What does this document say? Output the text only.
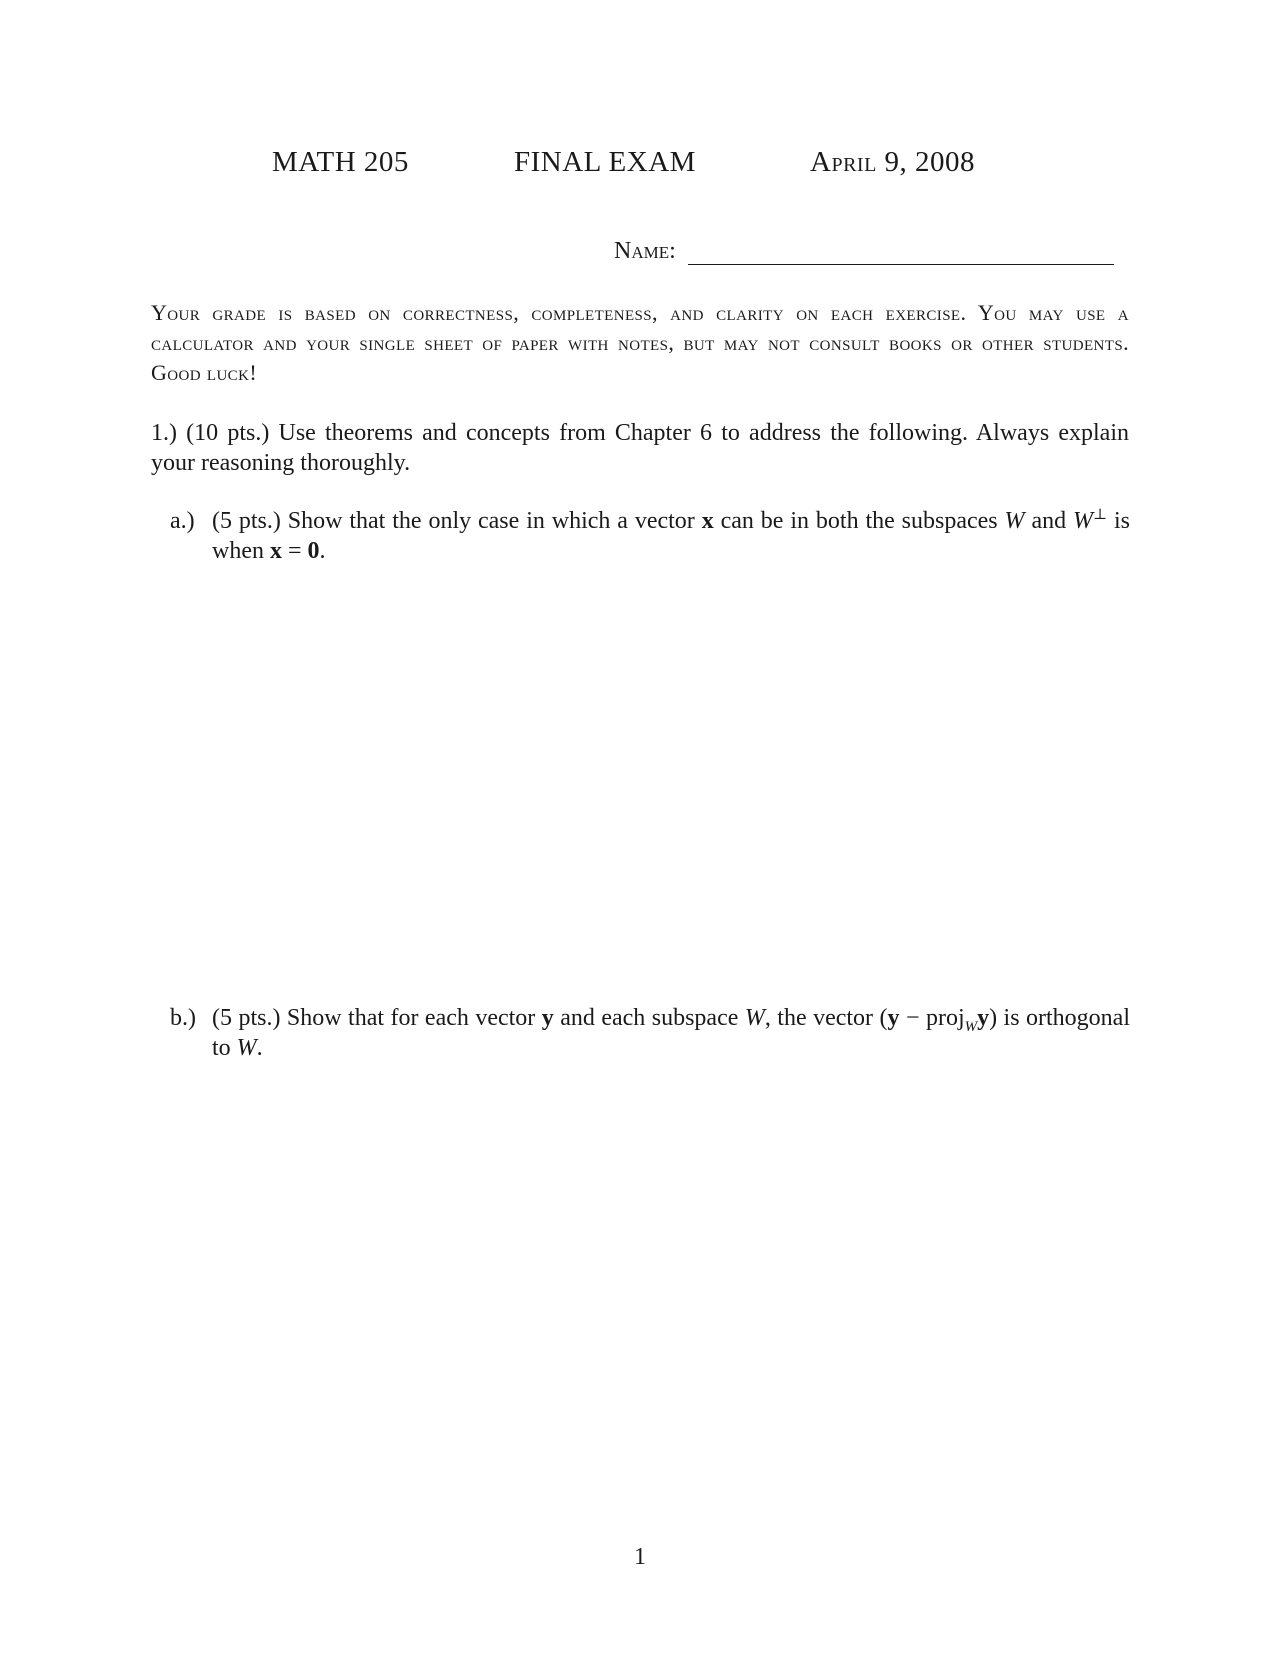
MATH 205	FINAL EXAM	April 9, 2008
Name:
Your grade is based on correctness, completeness, and clarity on each exercise. You may use a calculator and your single sheet of paper with notes, but may not consult books or other students. Good luck!
1.) (10 pts.) Use theorems and concepts from Chapter 6 to address the following. Always explain your reasoning thoroughly.
a.) (5 pts.) Show that the only case in which a vector x can be in both the subspaces W and W⊥ is when x = 0.
b.) (5 pts.) Show that for each vector y and each subspace W, the vector (y − proj$_W$y) is orthogonal to W.
1
